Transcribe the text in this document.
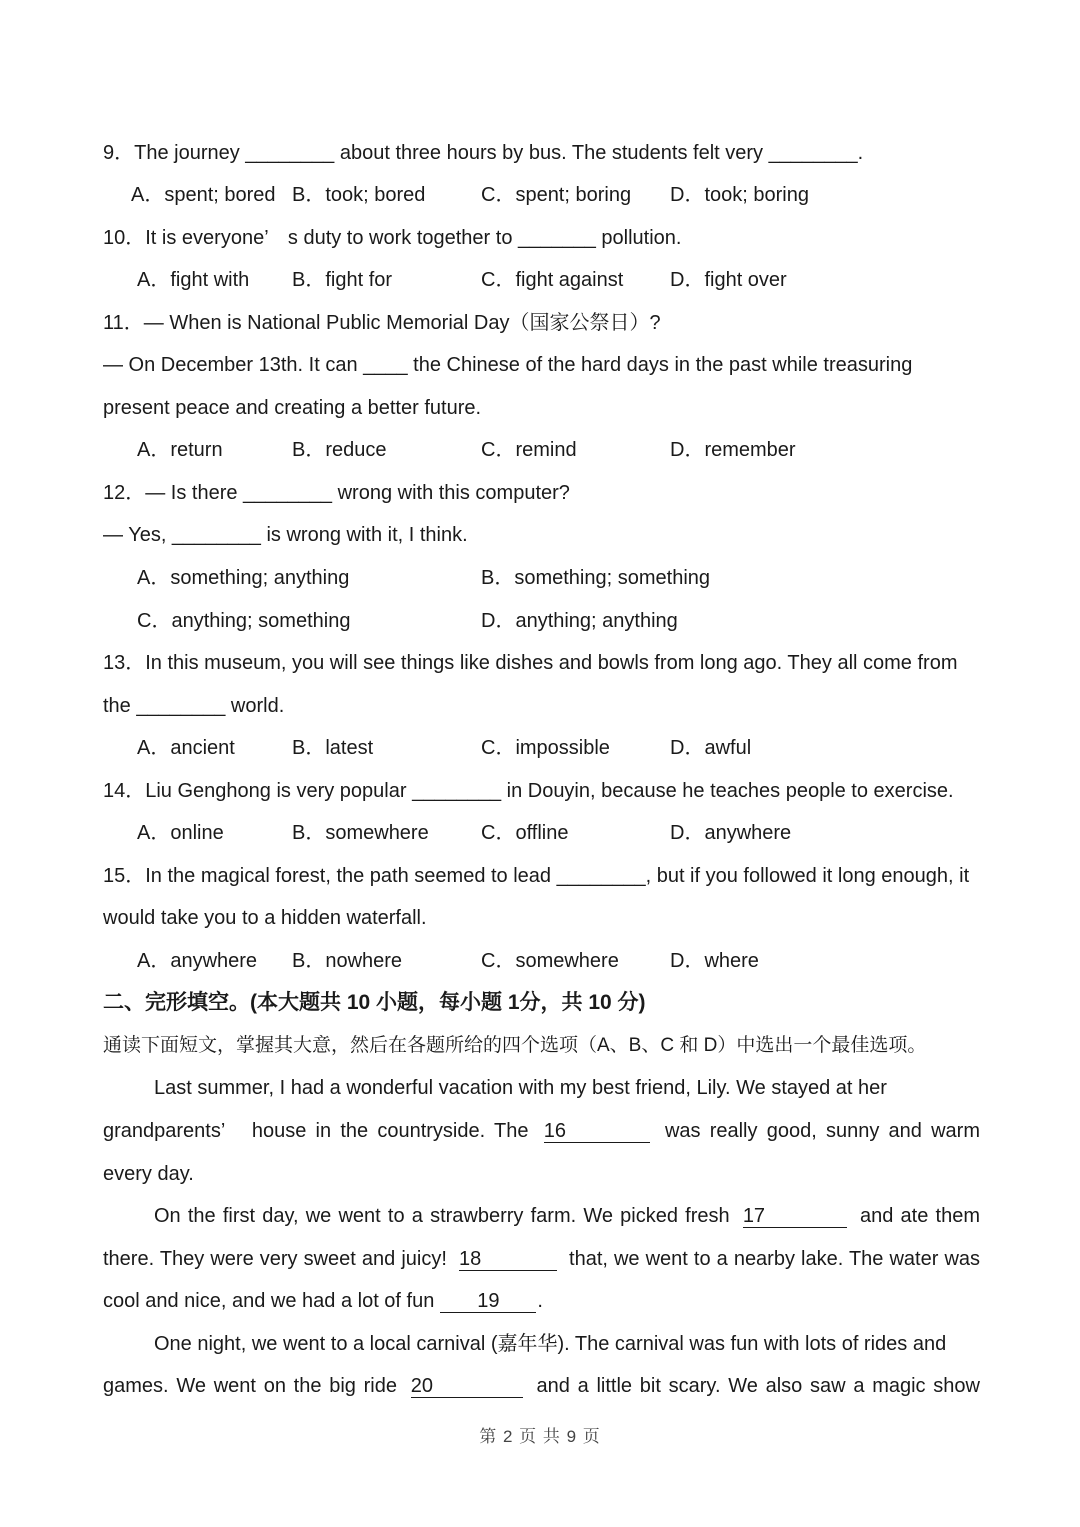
9．The journey ________ about three hours by bus. The students felt very ________.
A．spent; bored B．took; bored	C．spent; boring D．took; boring
10．It is everyone’　s duty to work together to _______ pollution.
A．fight with B．fight for	C．fight against D．fight over
11．— When is National Public Memorial Day（国家公祭日）?
— On December 13th. It can ____ the Chinese of the hard days in the past while treasuring
present peace and creating a better future.
A．return	B．reduce	C．remind	D．remember
12．— Is there ________ wrong with this computer?
— Yes, ________ is wrong with it, I think.
A．something; anything	B．something; something
C．anything; something	D．anything; anything
13．In this museum, you will see things like dishes and bowls from long ago. They all come from
the ________ world.
A．ancient	B．latest	C．impossible	D．awful
14．Liu Genghong is very popular ________ in Douyin, because he teaches people to exercise.
A．online	B．somewhere	C．offline	D．anywhere
15．In the magical forest, the path seemed to lead ________, but if you followed it long enough, it
would take you to a hidden waterfall.
A．anywhere B．nowhere	C．somewhere	D．where
二、完形填空。(本大题共 10 小题，每小题 1分，共 10 分)
通读下面短文，掌握其大意，然后在各题所给的四个选项（A、B、C 和 D）中选出一个最佳选项。
Last summer, I had a wonderful vacation with my best friend, Lily. We stayed at her
grandparents’　house in the countryside. The 16	was really good, sunny and warm
every day.
On the first day, we went to a strawberry farm. We picked fresh 17	and ate them
there. They were very sweet and juicy! 18	that, we went to a nearby lake. The water was
cool and nice, and we had a lot of fun 19 .
One night, we went to a local carnival (嘉年华). The carnival was fun with lots of rides and
games. We went on the big ride 20	and a little bit scary. We also saw a magic show
第 2 页 共 9 页
